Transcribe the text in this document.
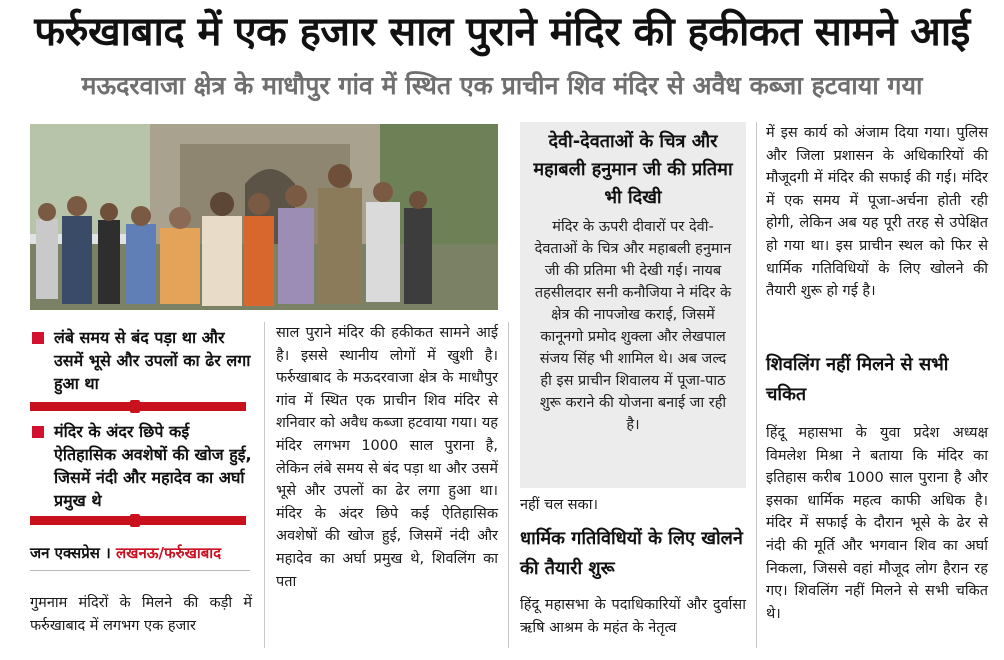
फर्रुखाबाद में एक हजार साल पुराने मंदिर की हकीकत सामने आई
मऊदरवाजा क्षेत्र के माधौपुर गांव में स्थित एक प्राचीन शिव मंदिर से अवैध कब्जा हटवाया गया
लंबे समय से बंद पड़ा था और उसमें भूसे और उपलों का ढेर लगा हुआ था
मंदिर के अंदर छिपे कई ऐतिहासिक अवशेषों की खोज हुई, जिसमें नंदी और महादेव का अर्घा प्रमुख थे
जन एक्सप्रेस । लखनऊ/फर्रुखाबाद
गुमनाम मंदिरों के मिलने की कड़ी में फर्रुखाबाद में लगभग एक हजार
साल पुराने मंदिर की हकीकत सामने आई है। इससे स्थानीय लोगों में खुशी है। फर्रुखाबाद के मऊदरवाजा क्षेत्र के माधौपुर गांव में स्थित एक प्राचीन शिव मंदिर से शनिवार को अवैध कब्जा हटवाया गया। यह मंदिर लगभग 1000 साल पुराना है, लेकिन लंबे समय से बंद पड़ा था और उसमें भूसे और उपलों का ढेर लगा हुआ था। मंदिर के अंदर छिपे कई ऐतिहासिक अवशेषों की खोज हुई, जिसमें नंदी और महादेव का अर्घा प्रमुख थे, शिवलिंग का पता
देवी-देवताओं के चित्र और महाबली हनुमान जी की प्रतिमा भी दिखी
मंदिर के ऊपरी दीवारों पर देवी-देवताओं के चित्र और महाबली हनुमान जी की प्रतिमा भी देखी गई। नायब तहसीलदार सनी कनौजिया ने मंदिर के क्षेत्र की नापजोख कराई, जिसमें कानूनगो प्रमोद शुक्ला और लेखपाल संजय सिंह भी शामिल थे। अब जल्द ही इस प्राचीन शिवालय में पूजा-पाठ शुरू कराने की योजना बनाई जा रही है।
नहीं चल सका।
धार्मिक गतिविधियों के लिए खोलने की तैयारी शुरू
हिंदू महासभा के पदाधिकारियों और दुर्वासा ऋषि आश्रम के महंत के नेतृत्व
में इस कार्य को अंजाम दिया गया। पुलिस और जिला प्रशासन के अधिकारियों की मौजूदगी में मंदिर की सफाई की गई। मंदिर में एक समय में पूजा-अर्चना होती रही होगी, लेकिन अब यह पूरी तरह से उपेक्षित हो गया था। इस प्राचीन स्थल को फिर से धार्मिक गतिविधियों के लिए खोलने की तैयारी शुरू हो गई है।
शिवलिंग नहीं मिलने से सभी चकित
हिंदू महासभा के युवा प्रदेश अध्यक्ष विमलेश मिश्रा ने बताया कि मंदिर का इतिहास करीब 1000 साल पुराना है और इसका धार्मिक महत्व काफी अधिक है। मंदिर में सफाई के दौरान भूसे के ढेर से नंदी की मूर्ति और भगवान शिव का अर्घा निकला, जिससे वहां मौजूद लोग हैरान रह गए। शिवलिंग नहीं मिलने से सभी चकित थे।
